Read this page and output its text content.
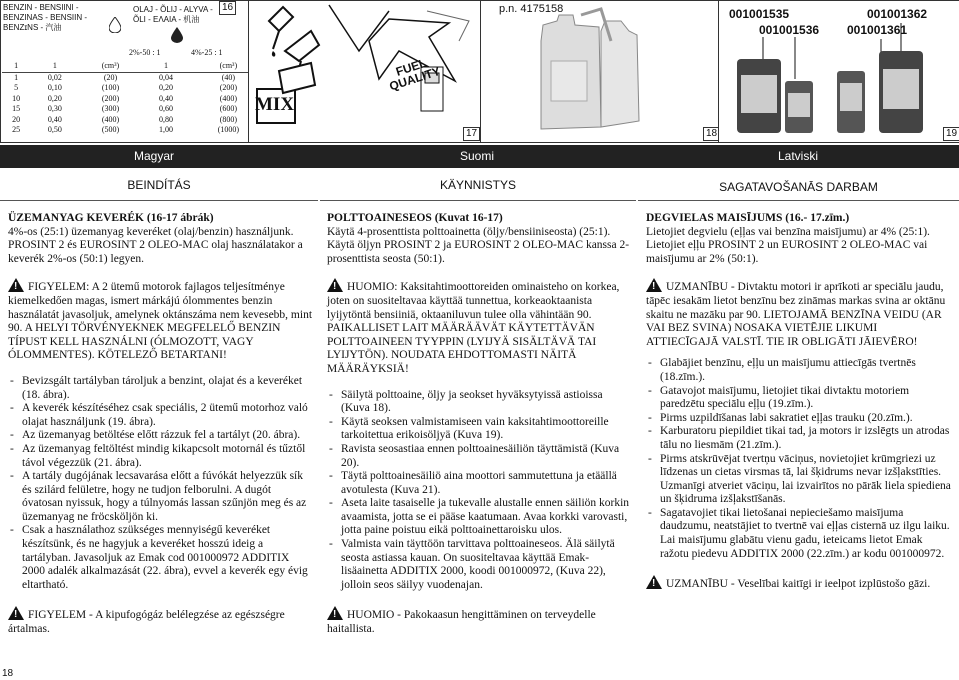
BENZIN - BENSIINI - BENZINAS - BENSIIN - BENZɪNS - 汽油
OLAJ - ÕLIJ - ALYVA - ÕLI - ΕΛΑΙΑ - 机油
16
2%-50 : 1	4%-25 : 1
1	1	(cm³)	1	(cm³)
1	0,02	(20)	0,04	(40)
5	0,10	(100)	0,20	(200)
10	0,20	(200)	0,40	(400)
15	0,30	(300)	0,60	(600)
20	0,40	(400)	0,80	(800)
25	0,50	(500)	1,00	(1000)
MIX
FUEL QUALITY
17
p.n. 4175158
18
001001535
001001536
001001362
001001361
19
Magyar	Suomi	Latviski
BEINDÍTÁS	KÄYNNISTYS	SAGATAVOŠANĀS DARBAM

ÜZEMANYAG KEVERÉK (16-17 ábrák)
4%-os (25:1) üzemanyag keveréket (olaj/benzin) használjunk. PROSINT 2 és EUROSINT 2 OLEO-MAC olaj használatakor a keverék 2%-os (50:1) legyen.

!FIGYELEM: A 2 ütemű motorok fajlagos teljesítménye kiemelkedően magas, ismert márkájú ólommentes benzin használatát javasoljuk, amelynek oktánszáma nem kevesebb, mint 90. A HELYI TÖRVÉNYEKNEK MEGFELELŐ BENZIN TÍPUST KELL HASZNÁLNI (ÓLMOZOTT, VAGY ÓLOMMENTES). KÖTELEZŐ BETARTANI!

- Bevizsgált tartályban tároljuk a benzint, olajat és a keveréket (18. ábra).
- A keverék készítéséhez csak speciális, 2 ütemű motorhoz való olajat használjunk (19. ábra).
- Az üzemanyag betöltése előtt rázzuk fel a tartályt (20. ábra).
- Az üzemanyag feltöltést mindig kikapcsolt motornál és tűztől távol végezzük (21. ábra).
- A tartály dugójának lecsavarása előtt a fúvókát helyezzük sík és szilárd felületre, hogy ne tudjon felborulni. A dugót óvatosan nyissuk, hogy a túlnyomás lassan szűnjön meg és az üzemanyag ne fröcsköljön ki.
- Csak a használathoz szükséges mennyiségű keveréket készítsünk, és ne hagyjuk a keveréket hosszú ideig a tartályban. Javasoljuk az Emak cod 001000972 ADDITIX 2000 adalék alkalmazását (22. ábra), evvel a keverék egy évig eltartható.

!FIGYELEM - A kipufogógáz belélegzése az egészségre ártalmas.

POLTTOAINESEOS (Kuvat 16-17)
Käytä 4-prosenttista polttoainetta (öljy/bensiiniseosta) (25:1). Käytä öljyn PROSINT 2 ja EUROSINT 2 OLEO-MAC kanssa 2-prosenttista seosta (50:1).

!HUOMIO: Kaksitahtimoottoreiden ominaisteho on korkea, joten on suositeltavaa käyttää tunnettua, korkeaoktaanista lyijytöntä bensiiniä, oktaaniluvun tulee olla vähintään 90. PAIKALLISET LAIT MÄÄRÄÄVÄT KÄYTETTÄVÄN POLTTOAINEEN TYYPPIN (LYIJYÄ SISÄLTÄVÄ TAI LYIJYTÖN). NOUDATA EHDOTTOMASTI NÄITÄ MÄÄRÄYKSIÄ!

- Säilytä polttoaine, öljy ja seokset hyväksytyissä astioissa (Kuva 18).
- Käytä seoksen valmistamiseen vain kaksitahtimoottoreille tarkoitettua erikoisöljyä (Kuva 19).
- Ravista seosastiaa ennen polttoainesäiliön täyttämistä (Kuva 20).
- Täytä polttoainesäiliö aina moottori sammutettuna ja etäällä avotulesta (Kuva 21).
- Aseta laite tasaiselle ja tukevalle alustalle ennen säiliön korkin avaamista, jotta se ei pääse kaatumaan. Avaa korkki varovasti, jotta paine poistuu eikä polttoainettaroisku ulos.
- Valmista vain täyttöön tarvittava polttoaineseos. Älä säilytä seosta astiassa kauan. On suositeltavaa käyttää Emak-lisäainetta ADDITIX 2000, koodi 001000972, (Kuva 22), jolloin seos säilyy vuodenajan.

!HUOMIO - Pakokaasun hengittäminen on terveydelle haitallista.

DEGVIELAS MAISĪJUMS (16.- 17.zīm.)
Lietojiet degvielu (eļļas vai benzīna maisījumu) ar 4% (25:1). Lietojiet eļļu PROSINT 2 un EUROSINT 2 OLEO-MAC vai maisījumu ar 2% (50:1).

!UZMANĪBU - Divtaktu motori ir aprīkoti ar speciālu jaudu, tāpēc iesakām lietot benzīnu bez zināmas markas svina ar oktānu skaitu ne mazāku par 90. LIETOJAMĀ BENZĪNA VEIDU (AR VAI BEZ SVINA) NOSAKA VIETĒJIE LIKUMI ATTIECĪGAJĀ VALSTĪ. TIE IR OBLIGĀTI JĀIEVĒRO!

- Glabājiet benzīnu, eļļu un maisījumu attiecīgās tvertnēs (18.zīm.).
- Gatavojot maisījumu, lietojiet tikai divtaktu motoriem paredzētu speciālu eļļu (19.zīm.).
- Pirms uzpildīšanas labi sakratiet eļļas trauku (20.zīm.).
- Karburatoru piepildiet tikai tad, ja motors ir izslēgts un atrodas tālu no liesmām (21.zīm.).
- Pirms atskrūvējat tvertņu vāciņus, novietojiet krūmgriezi uz līdzenas un cietas virsmas tā, lai šķidrums nevar izšļakstīties. Uzmanīgi atveriet vāciņu, lai izvairītos no pārāk liela spiediena un šķidruma izšļakstīšanās.
- Sagatavojiet tikai lietošanai nepieciešamo maisījuma daudzumu, neatstājiet to tvertnē vai eļļas cisternā uz ilgu laiku. Lai maisījumu glabātu vienu gadu, ieteicams lietot Emak ražotu piedevu ADDITIX 2000 (22.zīm.) ar kodu 001000972.

!UZMANĪBU - Veselībai kaitīgi ir ieelpot izplūstošo gāzi.

18
